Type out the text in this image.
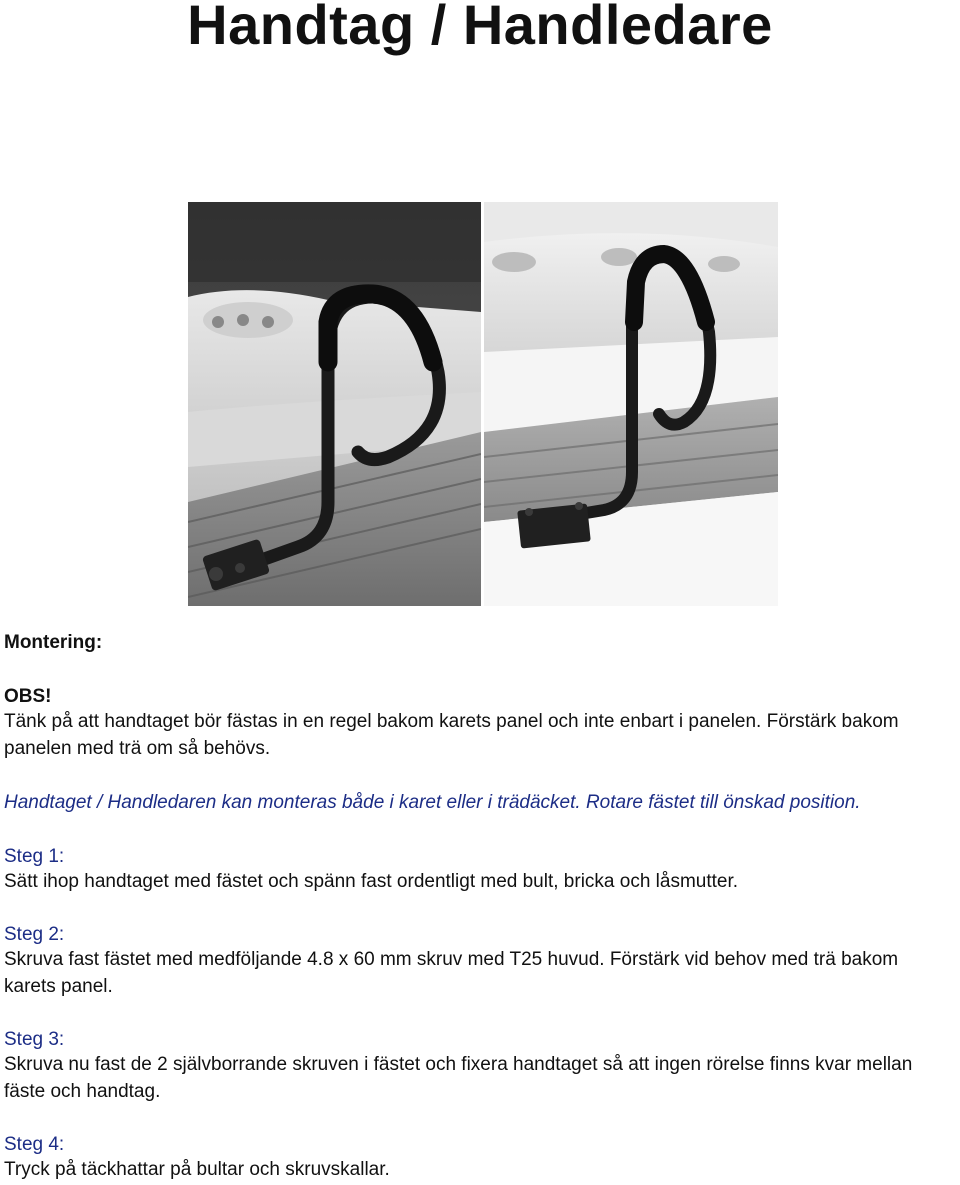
Handtag / Handledare

Montering:

OBS!

Tänk på att handtaget bör fästas in en regel bakom karets panel och inte enbart i panelen. Förstärk bakom panelen med trä om så behövs.

Handtaget / Handledaren kan monteras både i karet eller i trädäcket. Rotare fästet till önskad position.

Steg 1:

Sätt ihop handtaget med fästet och spänn fast ordentligt med bult, bricka och låsmutter.

Steg 2:

Skruva fast fästet med medföljande 4.8 x 60 mm skruv med T25 huvud. Förstärk vid behov med trä bakom karets panel.

Steg 3:

Skruva nu fast de 2 självborrande skruven i fästet och fixera handtaget så att ingen rörelse finns kvar mellan fäste och handtag.

Steg 4:

Tryck på täckhattar på bultar och skruvskallar.
